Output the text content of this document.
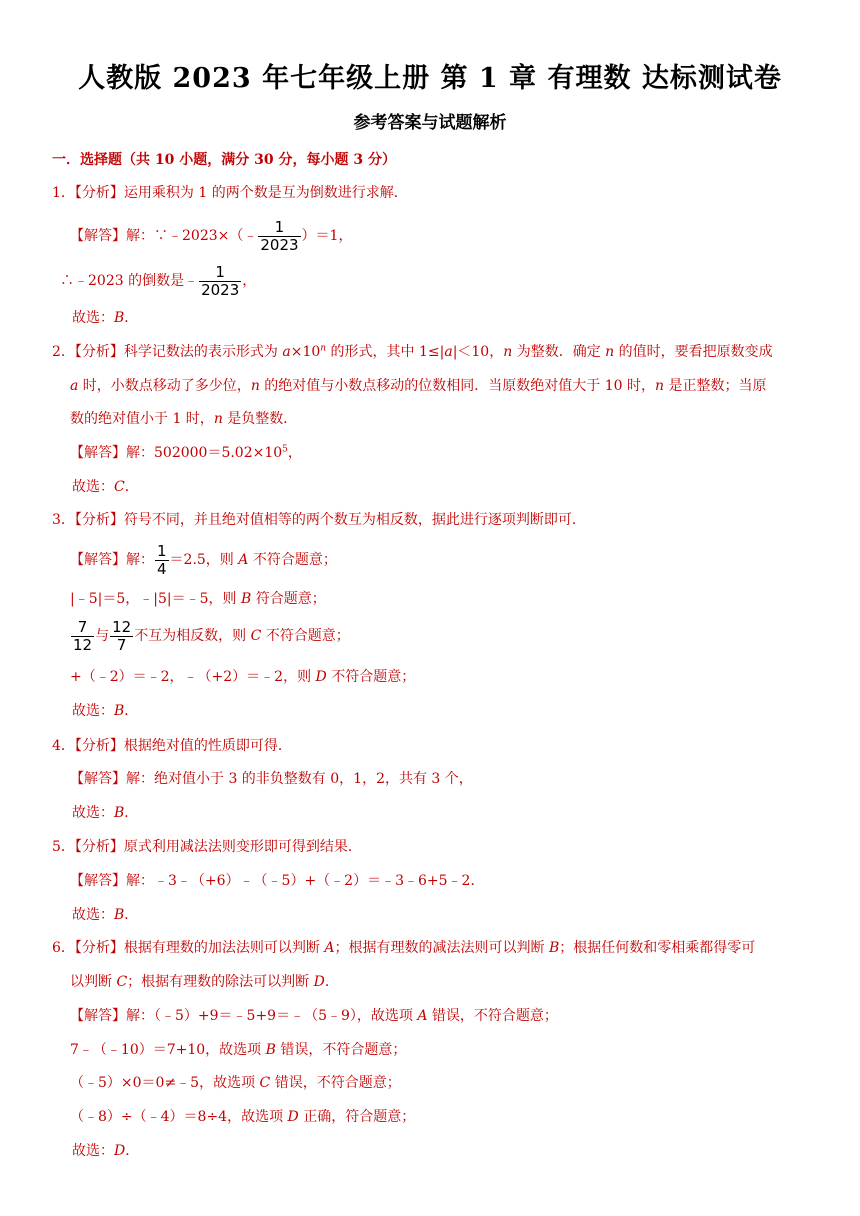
人教版 2023 年七年级上册 第 1 章 有理数 达标测试卷
参考答案与试题解析
一．选择题（共 10 小题，满分 30 分，每小题 3 分）
1．【分析】运用乘积为 1 的两个数是互为倒数进行求解．
【解答】解：∵﹣2023×（﹣ $\frac{1}{2023} )=1$，
∴﹣2023 的倒数是﹣ $\frac{1}{2023}$ ，
故选：B．
2．【分析】科学记数法的表示形式为 $a\times 10^n$ 的形式，其中 1≤|a|＜10，n 为整数．确定 n 的值时，要看把原数变成
a 时，小数点移动了多少位，n 的绝对值与小数点移动的位数相同．当原数绝对值大于 10 时，n 是正整数；当原
数的绝对值小于 1 时，n 是负整数．
【解答】解：$502000=5.02\times 10^5$，
故选：C．
3．【分析】符号不同，并且绝对值相等的两个数互为相反数，据此进行逐项判断即可．
【解答】解： $\frac{1}{4} =2.5$，则 A 不符合题意；
|﹣5|＝5，﹣|5|＝﹣5，则 B 符合题意；
$\frac{7}{12}$ 与 $\frac{12}{7}$ 不互为相反数，则 C 不符合题意；
+（﹣2）＝﹣2，﹣（+2）＝﹣2，则 D 不符合题意；
故选：B．
4．【分析】根据绝对值的性质即可得．
【解答】解：绝对值小于 3 的非负整数有 0，1，2，共有 3 个，
故选：B．
5．【分析】原式利用减法法则变形即可得到结果．
【解答】解：﹣3﹣（+6）﹣（﹣5）+（﹣2）＝﹣3﹣6+5﹣2．
故选：B．
6．【分析】根据有理数的加法法则可以判断 A；根据有理数的减法法则可以判断 B；根据任何数和零相乘都得零可
以判断 C；根据有理数的除法可以判断 D．
【解答】解：（﹣5）+9＝﹣5+9＝﹣（5﹣9），故选项 A 错误，不符合题意；
7﹣（﹣10）＝7+10，故选项 B 错误，不符合题意；
（﹣5）×0＝0≠﹣5，故选项 C 错误，不符合题意；
（﹣8）÷（﹣4）＝8÷4，故选项 D 正确，符合题意；
故选：D．
